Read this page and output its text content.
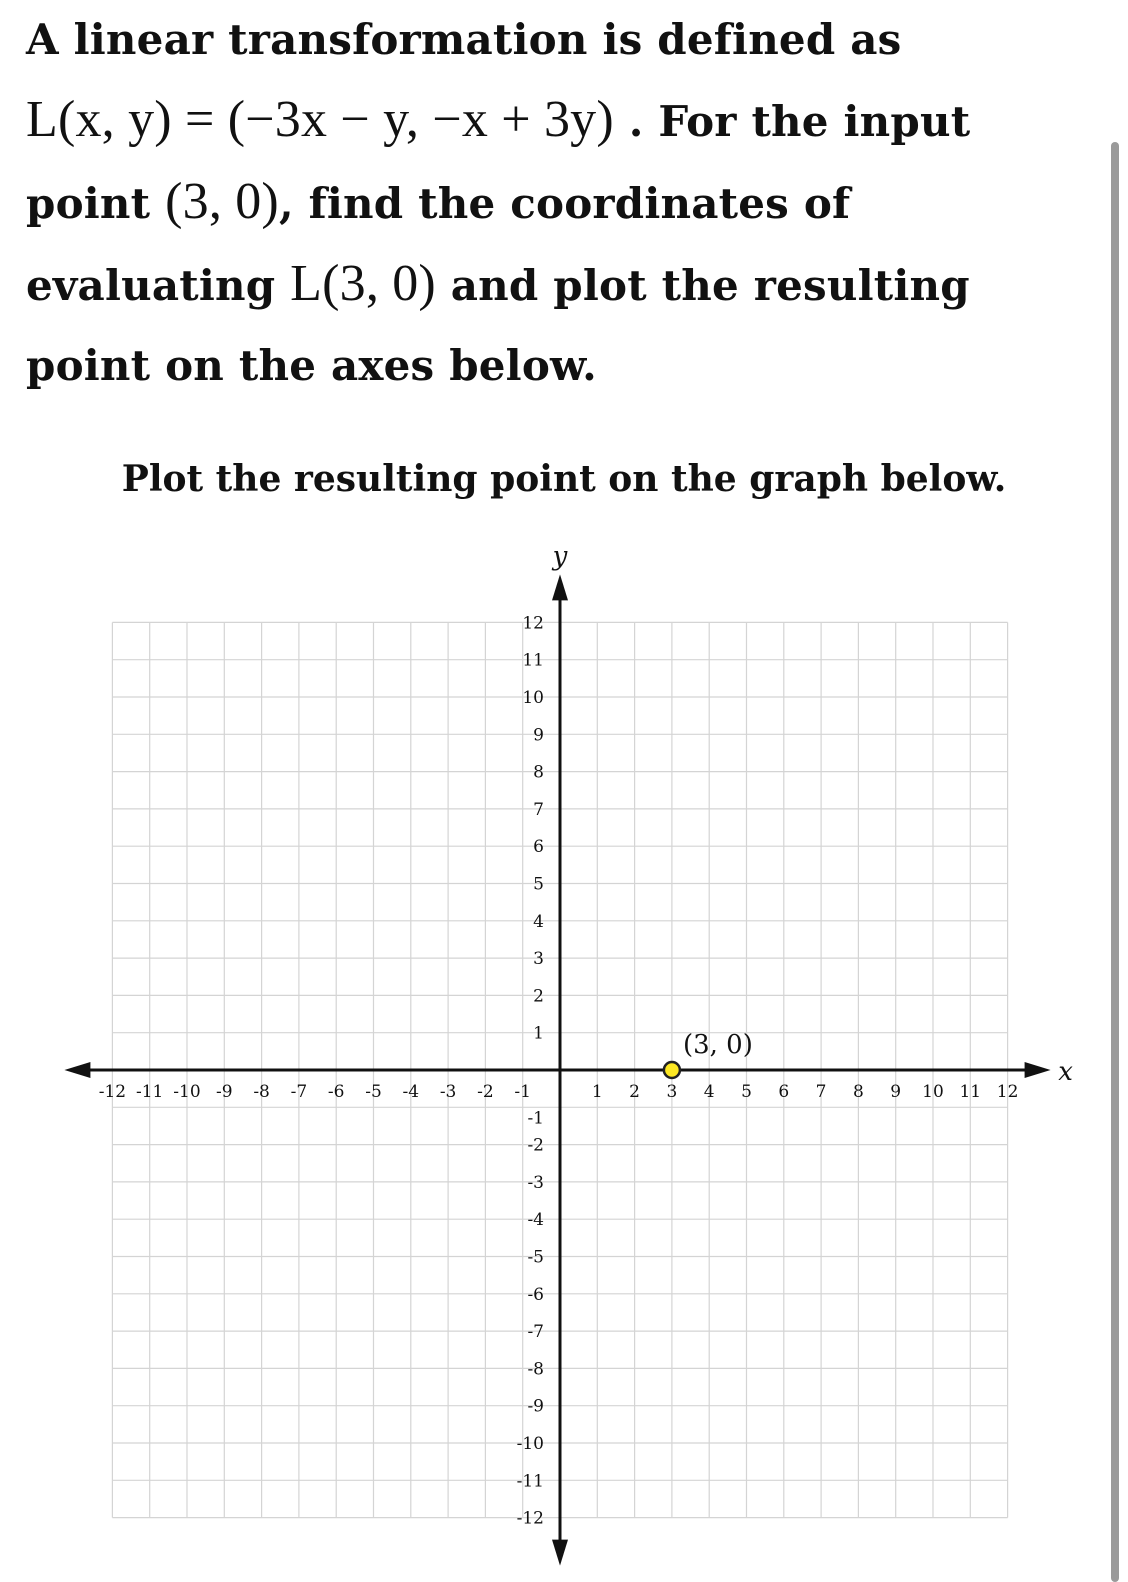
A linear transformation is defined as
L(x, y) = (−3x − y, −x + 3y) . For the input point (3, 0), find the coordinates of evaluating L(3, 0) and plot the resulting point on the axes below.
Plot the resulting point on the graph below.
x
y
-12 -11 -10 -9 -8 -7 -6 -5 -4 -3 -2 -1	1 2 3 4 5 6 7 8 9 10 11 12
12
11
10
9
8
7
6
5
4
3
2
1
-1
-2
-3
-4
-5
-6
-7
-8
-9
-10
-11
-12
(3, 0)
